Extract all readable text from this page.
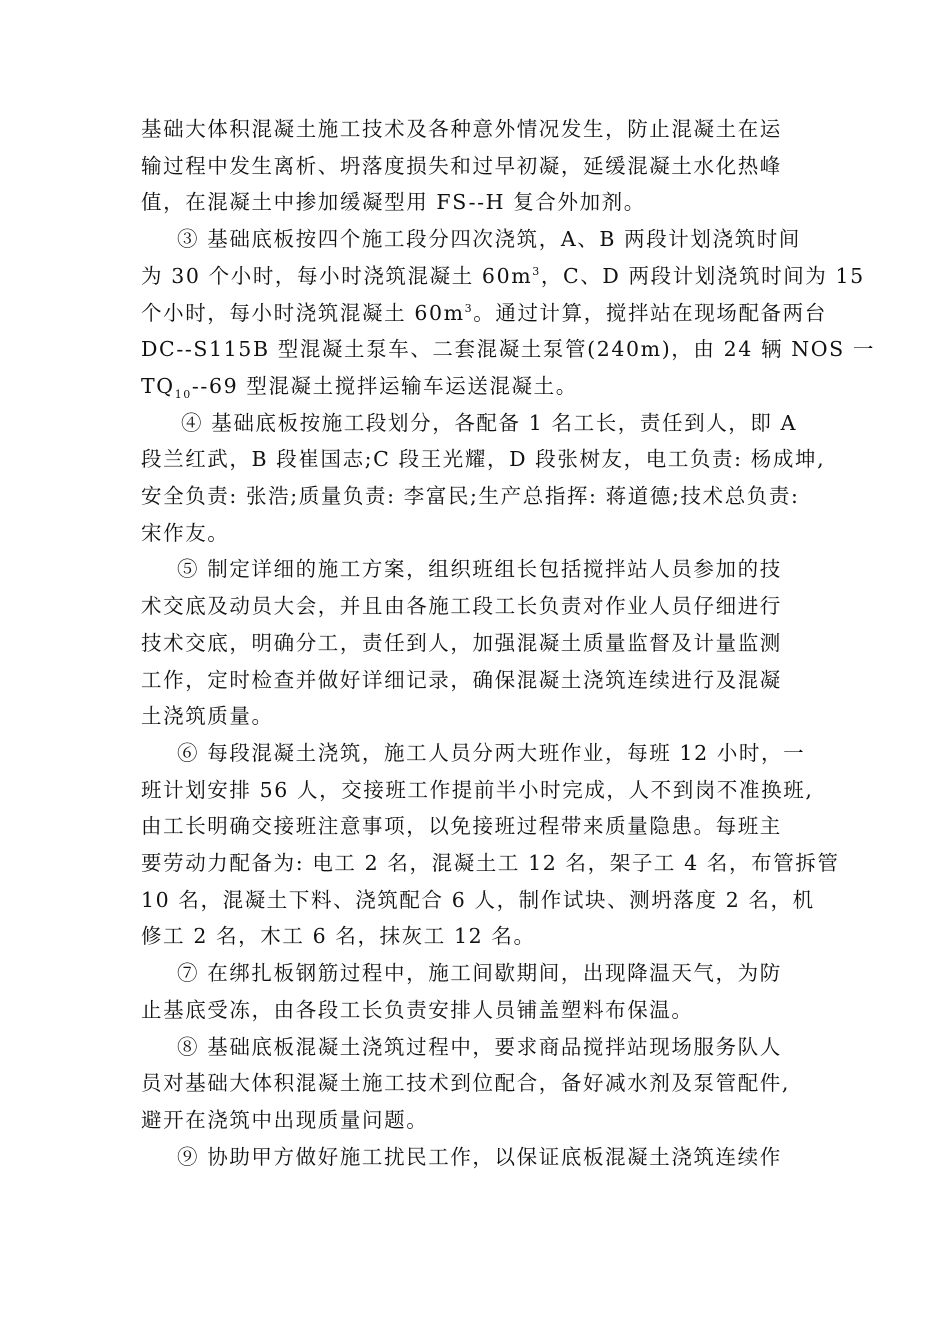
基础大体积混凝土施工技术及各种意外情况发生，防止混凝土在运
输过程中发生离析、坍落度损失和过早初凝，延缓混凝土水化热峰
值，在混凝土中掺加缓凝型用 FS--H 复合外加剂。

③ 基础底板按四个施工段分四次浇筑，A、B 两段计划浇筑时间
为 30 个小时，每小时浇筑混凝土 $60m^3$，C、D 两段计划浇筑时间为 15
个小时，每小时浇筑混凝土 $60m^3$。通过计算，搅拌站在现场配备两台
DC--S115B 型混凝土泵车、二套混凝土泵管(240m)，由 24 辆 NOS 一
$TQ_{10}--69$ 型混凝土搅拌运输车运送混凝土。

④ 基础底板按施工段划分，各配备 1 名工长，责任到人，即 A
段兰红武，B 段崔国志;C 段王光耀，D 段张树友，电工负责: 杨成坤,
安全负责: 张浩;质量负责: 李富民;生产总指挥: 蒋道德;技术总负责:
宋作友。

⑤ 制定详细的施工方案，组织班组长包括搅拌站人员参加的技
术交底及动员大会，并且由各施工段工长负责对作业人员仔细进行
技术交底，明确分工，责任到人，加强混凝土质量监督及计量监测
工作，定时检查并做好详细记录，确保混凝土浇筑连续进行及混凝
土浇筑质量。

⑥ 每段混凝土浇筑，施工人员分两大班作业，每班 12 小时，一
班计划安排 56 人，交接班工作提前半小时完成，人不到岗不准换班,
由工长明确交接班注意事项，以免接班过程带来质量隐患。每班主
要劳动力配备为: 电工 2 名，混凝土工 12 名，架子工 4 名，布管拆管
10 名，混凝土下料、浇筑配合 6 人，制作试块、测坍落度 2 名，机
修工 2 名，木工 6 名，抹灰工 12 名。

⑦ 在绑扎板钢筋过程中，施工间歇期间，出现降温天气，为防
止基底受冻，由各段工长负责安排人员铺盖塑料布保温。

⑧ 基础底板混凝土浇筑过程中，要求商品搅拌站现场服务队人
员对基础大体积混凝土施工技术到位配合，备好减水剂及泵管配件,
避开在浇筑中出现质量问题。

⑨ 协助甲方做好施工扰民工作，以保证底板混凝土浇筑连续作
